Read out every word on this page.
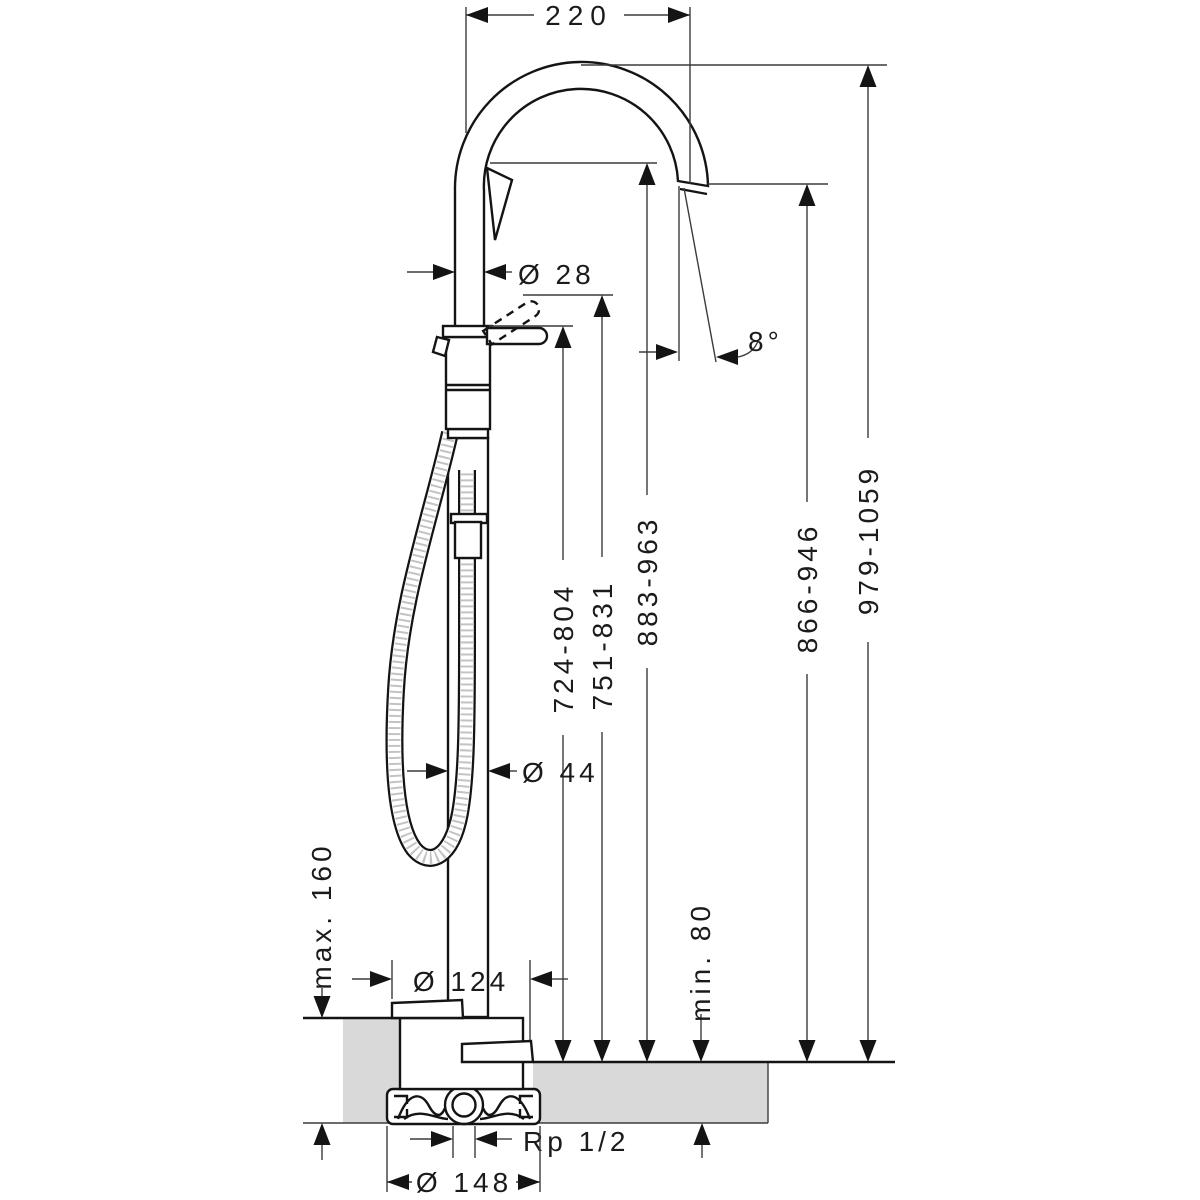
220
Ø 28
8°
724-804 751-831 883-963	866-946 979-1059
Ø 44
max. 160	min. 80
Ø 124
Rp 1/2
Ø 148
